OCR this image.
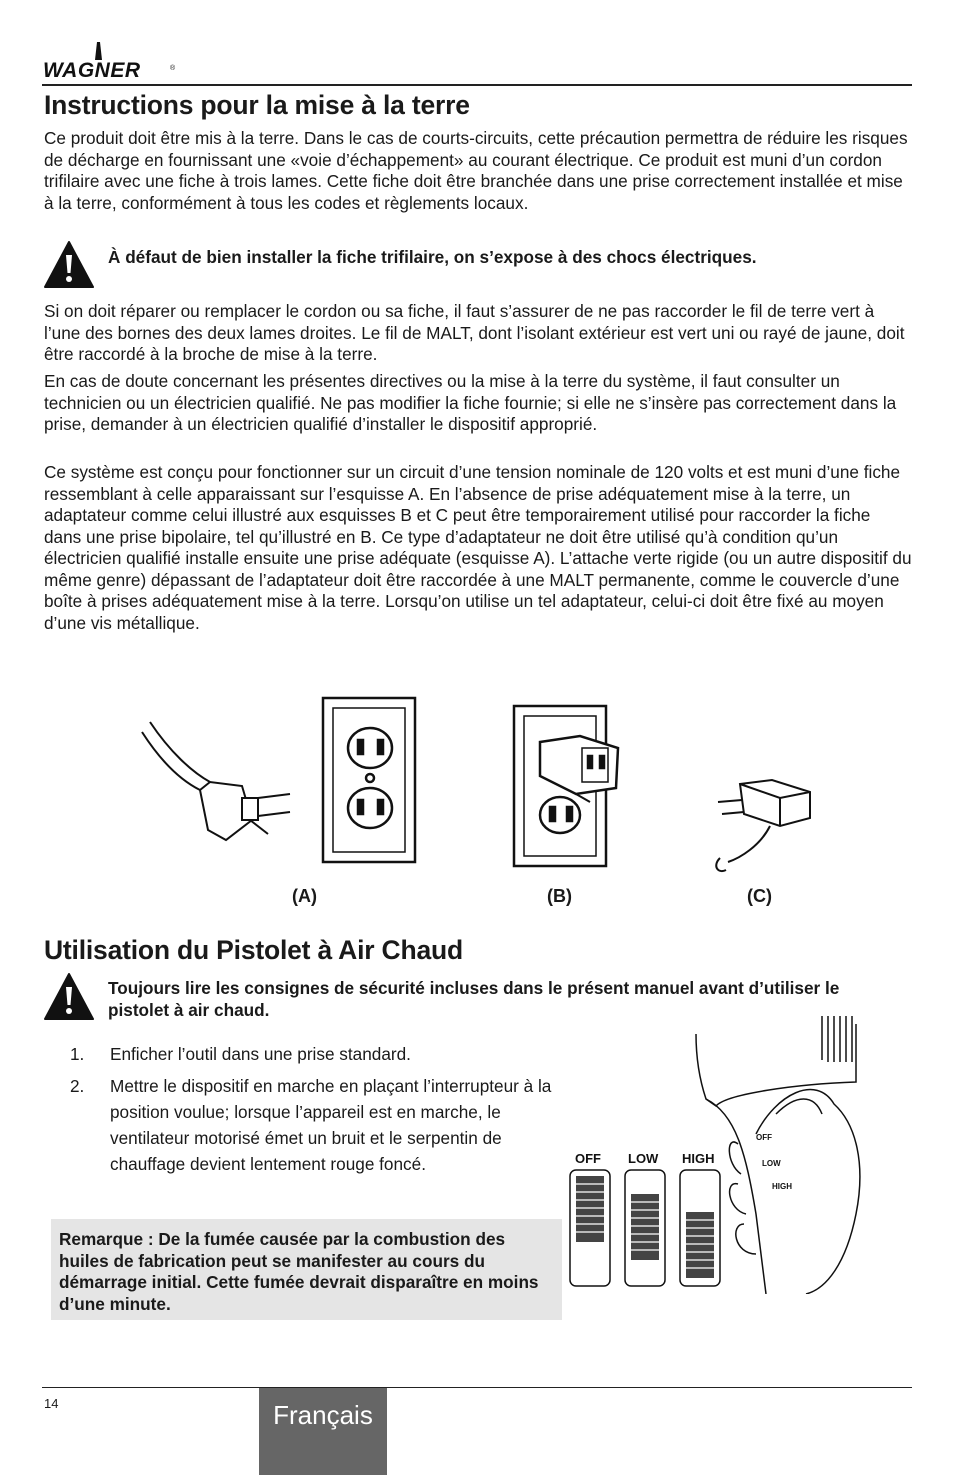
WAGNER	®
Instructions pour la mise à la terre

Ce produit doit être mis à la terre. Dans le cas de courts-circuits, cette précaution permettra de réduire les risques de décharge en fournissant une «voie d’échappement» au courant électrique. Ce produit est muni d’un cordon trifilaire avec une fiche à trois lames. Cette fiche doit être branchée dans une prise correctement installée et mise à la terre, conformément à tous les codes et règlements locaux.

À défaut de bien installer la fiche trifilaire, on s’expose à des chocs électriques.

Si on doit réparer ou remplacer le cordon ou sa fiche, il faut s’assurer de ne pas raccorder le fil de terre vert à l’une des bornes des deux lames droites. Le fil de MALT, dont l’isolant extérieur est vert uni ou rayé de jaune, doit être raccordé à la broche de mise à la terre.

En cas de doute concernant les présentes directives ou la mise à la terre du système, il faut consulter un technicien ou un électricien qualifié. Ne pas modifier la fiche fournie; si elle ne s’insère pas correctement dans la prise, demander à un électricien qualifié d’installer le dispositif approprié.

Ce système est conçu pour fonctionner sur un circuit d’une tension nominale de 120 volts et est muni d’une fiche ressemblant à celle apparaissant sur l’esquisse A. En l’absence de prise adéquatement mise à la terre, un adaptateur comme celui illustré aux esquisses B et C peut être temporairement utilisé pour raccorder la fiche dans une prise bipolaire, tel qu’illustré en B. Ce type d’adaptateur ne doit être utilisé qu’à condition qu’un électricien qualifié installe ensuite une prise adéquate (esquisse A). L’attache verte rigide (ou un autre dispositif du même genre) dépassant de l’adaptateur doit être raccordée à une MALT permanente, comme le couvercle d’une boîte à prises adéquatement mise à la terre. Lorsqu’on utilise un tel adaptateur, celui-ci doit être fixé au moyen d’une vis métallique.

(A)	(B)	(C)
Utilisation du Pistolet à Air Chaud

Toujours lire les consignes de sécurité incluses dans le présent manuel avant d’utiliser le pistolet à air chaud.

1. Enficher l’outil dans une prise standard.
2. Mettre le dispositif en marche en plaçant l’interrupteur à la position voulue; lorsque l’appareil est en marche, le ventilateur motorisé émet un bruit et le serpentin de chauffage devient lentement rouge foncé.

Remarque : De la fumée causée par la combustion des huiles de fabrication peut se manifester au cours du démarrage initial. Cette fumée devrait disparaître en moins d’une minute.

OFF
LOW
HIGH
OFF LOW HIGH
14	Français
